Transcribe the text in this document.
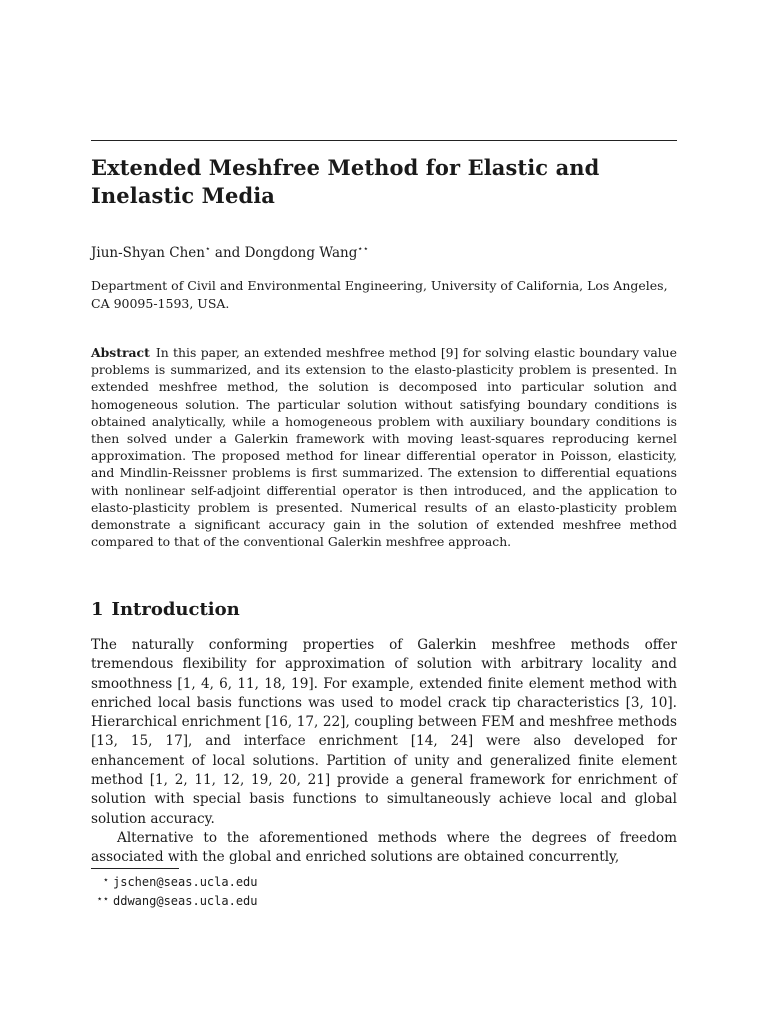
Extended Meshfree Method for Elastic and
Inelastic Media

Jiun-Shyan Chen⋆ and Dongdong Wang⋆⋆

Department of Civil and Environmental Engineering, University of California, Los Angeles, CA 90095-1593, USA.

Abstract In this paper, an extended meshfree method [9] for solving elastic boundary value problems is summarized, and its extension to the elasto-plasticity problem is presented. In extended meshfree method, the solution is decomposed into particular solution and homogeneous solution. The particular solution without satisfying boundary conditions is obtained analytically, while a homogeneous problem with auxiliary boundary conditions is then solved under a Galerkin framework with moving least-squares reproducing kernel approximation. The proposed method for linear differential operator in Poisson, elasticity, and Mindlin-Reissner problems is first summarized. The extension to differential equations with nonlinear self-adjoint differential operator is then introduced, and the application to elasto-plasticity problem is presented. Numerical results of an elasto-plasticity problem demonstrate a significant accuracy gain in the solution of extended meshfree method compared to that of the conventional Galerkin meshfree approach.

1 Introduction

The naturally conforming properties of Galerkin meshfree methods offer tremendous flexibility for approximation of solution with arbitrary locality and smoothness [1, 4, 6, 11, 18, 19]. For example, extended finite element method with enriched local basis functions was used to model crack tip characteristics [3, 10]. Hierarchical enrichment [16, 17, 22], coupling between FEM and meshfree methods [13, 15, 17], and interface enrichment [14, 24] were also developed for enhancement of local solutions. Partition of unity and generalized finite element method [1, 2, 11, 12, 19, 20, 21] provide a general framework for enrichment of solution with special basis functions to simultaneously achieve local and global solution accuracy.

Alternative to the aforementioned methods where the degrees of freedom associated with the global and enriched solutions are obtained concurrently,

⋆ jschen@seas.ucla.edu
⋆⋆ ddwang@seas.ucla.edu
